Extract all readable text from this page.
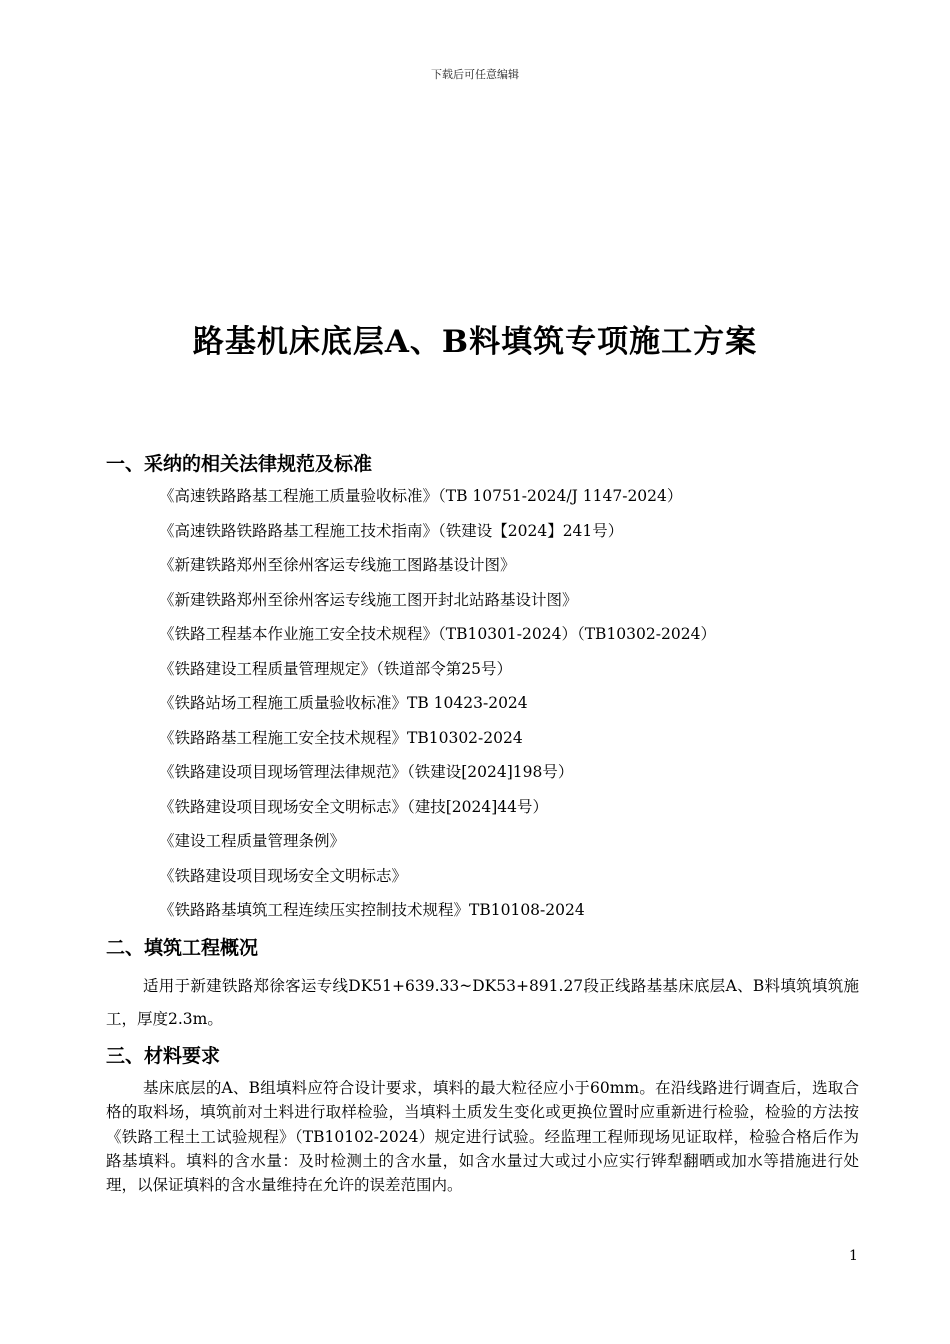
下载后可任意编辑
路基机床底层A、B料填筑专项施工方案
一、采纳的相关法律规范及标准
《高速铁路路基工程施工质量验收标准》（TB 10751-2024/J 1147-2024）
《高速铁路铁路路基工程施工技术指南》（铁建设【2024】241号）
《新建铁路郑州至徐州客运专线施工图路基设计图》
《新建铁路郑州至徐州客运专线施工图开封北站路基设计图》
《铁路工程基本作业施工安全技术规程》（TB10301-2024）（TB10302-2024）
《铁路建设工程质量管理规定》（铁道部令第25号）
《铁路站场工程施工质量验收标准》TB 10423-2024
《铁路路基工程施工安全技术规程》TB10302-2024
《铁路建设项目现场管理法律规范》（铁建设[2024]198号）
《铁路建设项目现场安全文明标志》（建技[2024]44号）
《建设工程质量管理条例》
《铁路建设项目现场安全文明标志》
《铁路路基填筑工程连续压实控制技术规程》TB10108-2024
二、填筑工程概况

适用于新建铁路郑徐客运专线DK51+639.33~DK53+891.27段正线路基基床底层A、B料填筑填筑施工，厚度2.3m。

三、材料要求

基床底层的A、B组填料应符合设计要求，填料的最大粒径应小于60mm。在沿线路进行调查后，选取合格的取料场，填筑前对土料进行取样检验，当填料土质发生变化或更换位置时应重新进行检验，检验的方法按《铁路工程土工试验规程》（TB10102-2024）规定进行试验。经监理工程师现场见证取样，检验合格后作为路基填料。填料的含水量：及时检测土的含水量，如含水量过大或过小应实行铧犁翻晒或加水等措施进行处理，以保证填料的含水量维持在允许的误差范围内。

1
